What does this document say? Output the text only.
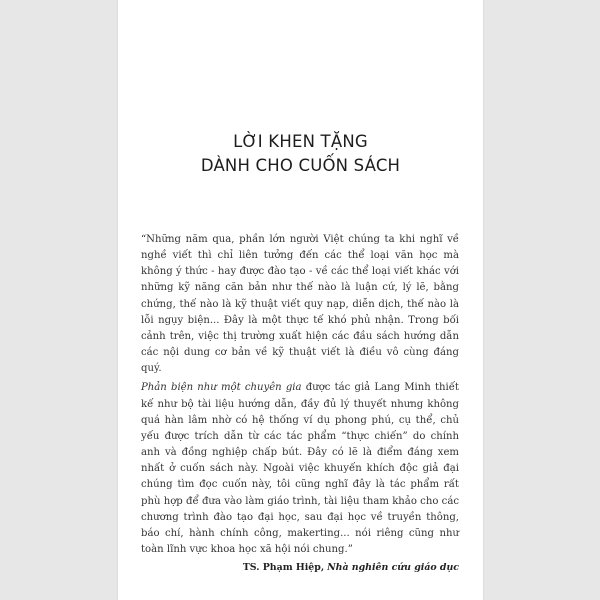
LỜI KHEN TẶNG
DÀNH CHO CUỐN SÁCH

“Những năm qua, phần lớn người Việt chúng ta khi nghĩ về nghề viết thì chỉ liên tưởng đến các thể loại văn học mà không ý thức - hay được đào tạo - về các thể loại viết khác với những kỹ năng căn bản như thế nào là luận cứ, lý lẽ, bằng chứng, thế nào là kỹ thuật viết quy nạp, diễn dịch, thế nào là lỗi ngụy biện... Đây là một thực tế khó phủ nhận. Trong bối cảnh trên, việc thị trường xuất hiện các đầu sách hướng dẫn các nội dung cơ bản về kỹ thuật viết là điều vô cùng đáng quý.

Phản biện như một chuyên gia được tác giả Lang Minh thiết kế như bộ tài liệu hướng dẫn, đầy đủ lý thuyết nhưng không quá hàn lâm nhờ có hệ thống ví dụ phong phú, cụ thể, chủ yếu được trích dẫn từ các tác phẩm “thực chiến” do chính anh và đồng nghiệp chấp bút. Đây có lẽ là điểm đáng xem nhất ở cuốn sách này. Ngoài việc khuyến khích độc giả đại chúng tìm đọc cuốn này, tôi cũng nghĩ đây là tác phẩm rất phù hợp để đưa vào làm giáo trình, tài liệu tham khảo cho các chương trình đào tạo đại học, sau đại học về truyền thông, báo chí, hành chính công, makerting... nói riêng cũng như toàn lĩnh vực khoa học xã hội nói chung.”

TS. Phạm Hiệp, Nhà nghiên cứu giáo dục
